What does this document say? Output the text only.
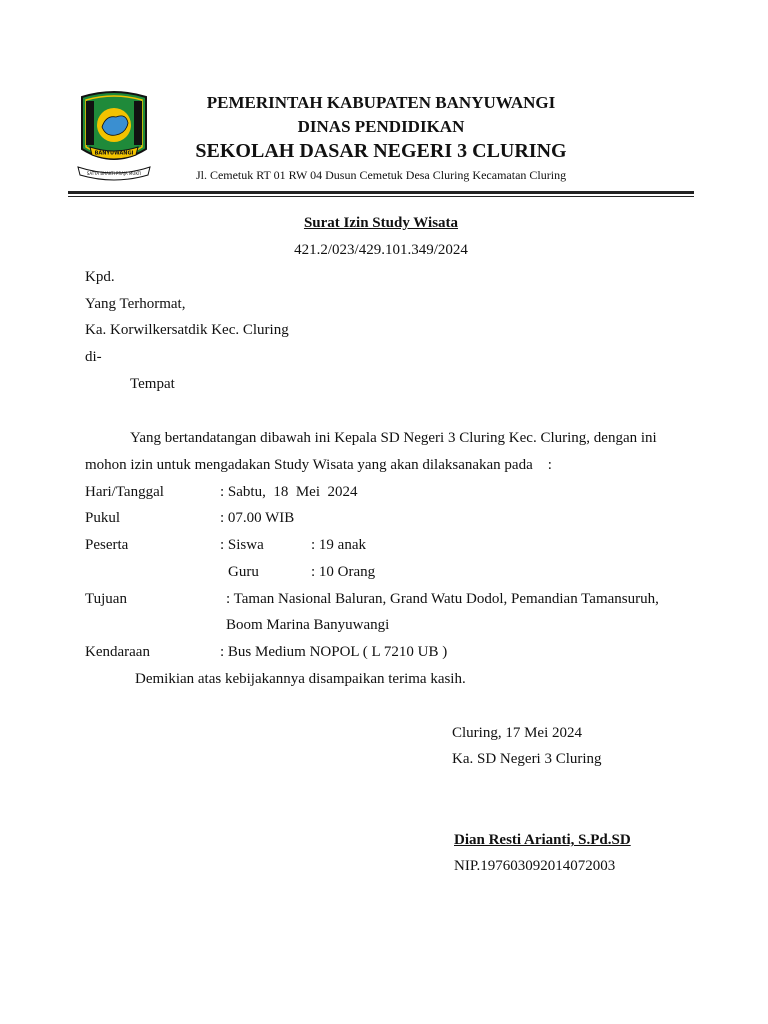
BANYUWANGI
SATYA BHAKTI PRAJA MUKTI
PEMERINTAH KABUPATEN BANYUWANGI
DINAS PENDIDIKAN
SEKOLAH DASAR NEGERI 3 CLURING
Jl. Cemetuk RT 01 RW 04 Dusun Cemetuk Desa Cluring Kecamatan Cluring
Surat Izin Study Wisata
421.2/023/429.101.349/2024
Kpd.
Yang Terhormat,
Ka. Korwilkersatdik Kec. Cluring
di-
Tempat
Yang bertandatangan dibawah ini Kepala SD Negeri 3 Cluring Kec. Cluring, dengan ini
mohon izin untuk mengadakan Study Wisata yang akan dilaksanakan pada    :
Hari/Tanggal	: Sabtu,  18  Mei  2024
Pukul	: 07.00 WIB
Peserta	: Siswa	: 19 anak
Guru	: 10 Orang
Tujuan	: Taman Nasional Baluran, Grand Watu Dodol, Pemandian Tamansuruh,
Boom Marina Banyuwangi
Kendaraan	: Bus Medium NOPOL ( L 7210 UB )
Demikian atas kebijakannya disampaikan terima kasih.
Cluring, 17 Mei 2024
Ka. SD Negeri 3 Cluring
Dian Resti Arianti, S.Pd.SD
NIP.197603092014072003
